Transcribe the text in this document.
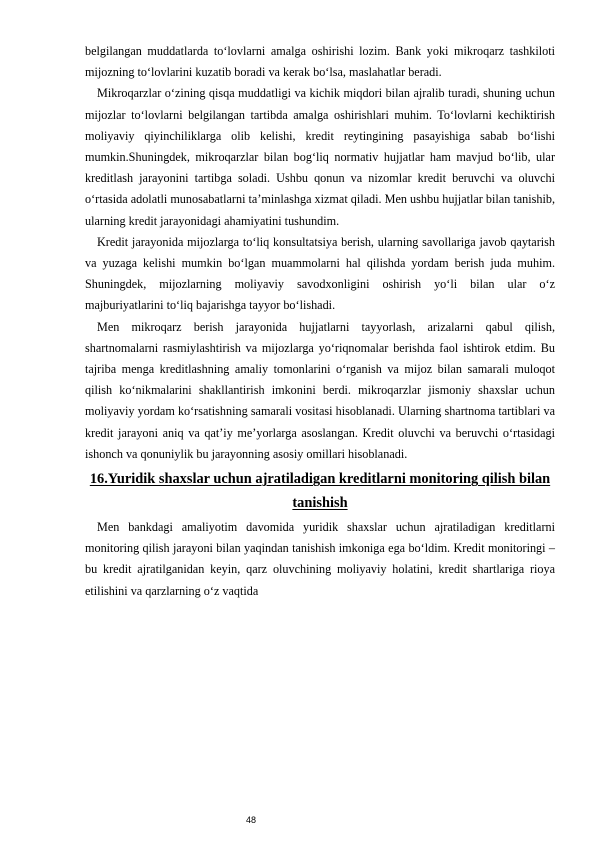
belgilangan muddatlarda to‘lovlarni amalga oshirishi lozim. Bank yoki mikroqarz tashkiloti mijozning to‘lovlarini kuzatib boradi va kerak bo‘lsa, maslahatlar beradi.

Mikroqarzlar o‘zining qisqa muddatligi va kichik miqdori bilan ajralib turadi, shuning uchun mijozlar to‘lovlarni belgilangan tartibda amalga oshirishlari muhim. To‘lovlarni kechiktirish moliyaviy qiyinchiliklarga olib kelishi, kredit reytingining pasayishiga sabab bo‘lishi mumkin.Shuningdek, mikroqarzlar bilan bog‘liq normativ hujjatlar ham mavjud bo‘lib, ular kreditlash jarayonini tartibga soladi. Ushbu qonun va nizomlar kredit beruvchi va oluvchi o‘rtasida adolatli munosabatlarni ta’minlashga xizmat qiladi. Men ushbu hujjatlar bilan tanishib, ularning kredit jarayonidagi ahamiyatini tushundim.

Kredit jarayonida mijozlarga to‘liq konsultatsiya berish, ularning savollariga javob qaytarish va yuzaga kelishi mumkin bo‘lgan muammolarni hal qilishda yordam berish juda muhim. Shuningdek, mijozlarning moliyaviy savodxonligini oshirish yo‘li bilan ular o‘z majburiyatlarini to‘liq bajarishga tayyor bo‘lishadi.

Men mikroqarz berish jarayonida hujjatlarni tayyorlash, arizalarni qabul qilish, shartnomalarni rasmiylashtirish va mijozlarga yo‘riqnomalar berishda faol ishtirok etdim. Bu tajriba menga kreditlashning amaliy tomonlarini o‘rganish va mijoz bilan samarali muloqot qilish ko‘nikmalarini shakllantirish imkonini berdi. mikroqarzlar jismoniy shaxslar uchun moliyaviy yordam ko‘rsatishning samarali vositasi hisoblanadi. Ularning shartnoma tartiblari va kredit jarayoni aniq va qat’iy me’yorlarga asoslangan. Kredit oluvchi va beruvchi o‘rtasidagi ishonch va qonuniylik bu jarayonning asosiy omillari hisoblanadi.

16.Yuridik shaxslar uchun ajratiladigan kreditlarni monitoring qilish bilan tanishish

Men bankdagi amaliyotim davomida yuridik shaxslar uchun ajratiladigan kreditlarni monitoring qilish jarayoni bilan yaqindan tanishish imkoniga ega bo‘ldim. Kredit monitoringi – bu kredit ajratilganidan keyin, qarz oluvchining moliyaviy holatini, kredit shartlariga rioya etilishini va qarzlarning o‘z vaqtida

48
